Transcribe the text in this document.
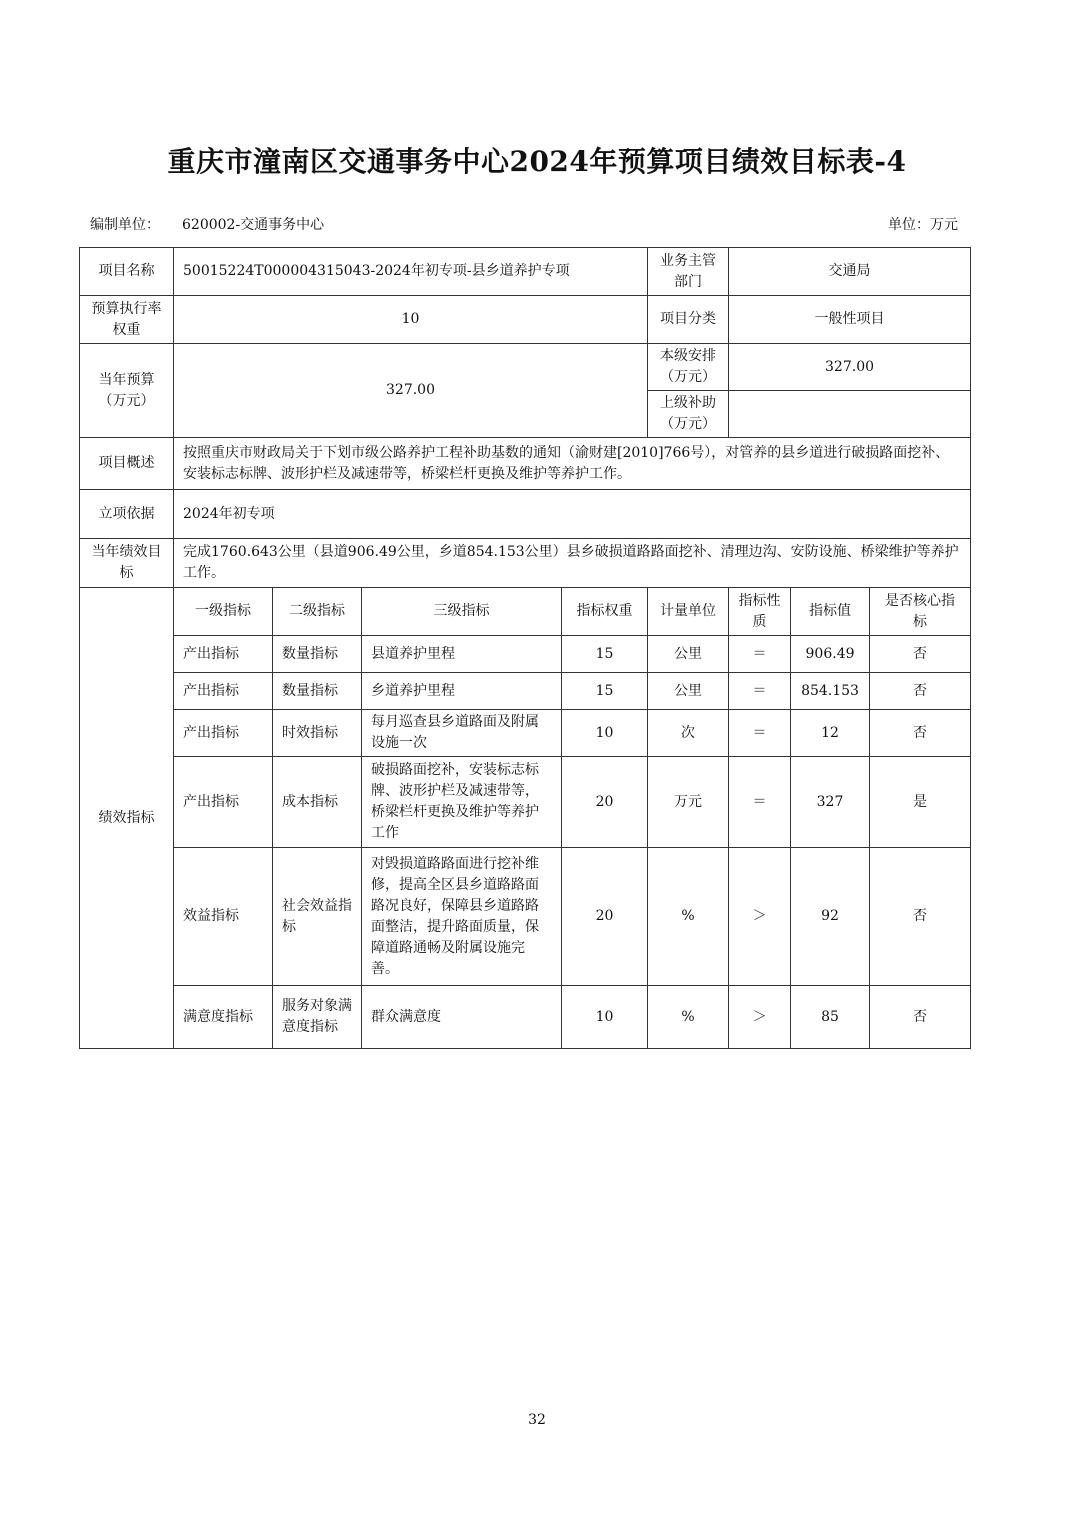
重庆市潼南区交通事务中心2024年预算项目绩效目标表-4
编制单位： 620002-交通事务中心	单位：万元
项目名称	50015224T000004315043-2024年初专项-县乡道养护专项				业务主管部门	交通局		
预算执行率权重	10				项目分类	一般性项目		
当年预算（万元）	327.00				本级安排（万元）	327.00		
					上级补助（万元）			
项目概述	按照重庆市财政局关于下划市级公路养护工程补助基数的通知（渝财建[2010]766号），对管养的县乡道进行破损路面挖补、安装标志标牌、波形护栏及减速带等，桥梁栏杆更换及维护等养护工作。							
立项依据	2024年初专项							
当年绩效目标	完成1760.643公里（县道906.49公里，乡道854.153公里）县乡破损道路路面挖补、清理边沟、安防设施、桥梁维护等养护工作。							
绩效指标	一级指标	二级指标	三级指标	指标权重	计量单位	指标性质	指标值	是否核心指标
	产出指标	数量指标	县道养护里程	15	公里	＝	906.49	否
	产出指标	数量指标	乡道养护里程	15	公里	＝	854.153	否
	产出指标	时效指标	每月巡查县乡道路面及附属设施一次	10	次	＝	12	否
	产出指标	成本指标	破损路面挖补，安装标志标牌、波形护栏及减速带等，桥梁栏杆更换及维护等养护工作	20	万元	＝	327	是
	效益指标	社会效益指标	对毁损道路路面进行挖补维修，提高全区县乡道路路面路况良好，保障县乡道路路面整洁，提升路面质量，保障道路通畅及附属设施完善。	20	%	＞	92	否
	满意度指标	服务对象满意度指标	群众满意度	10	%	＞	85	否
32
